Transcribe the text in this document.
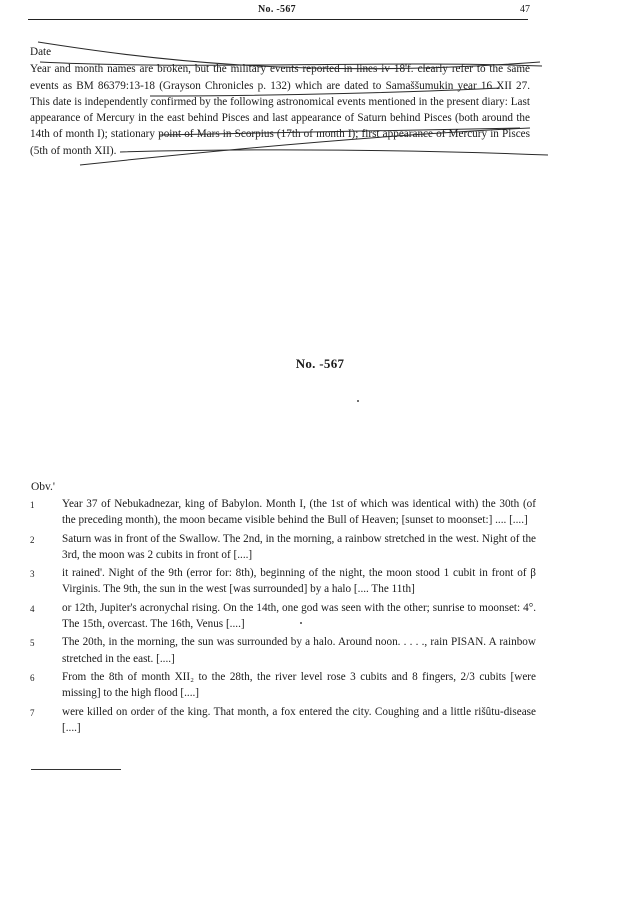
No. -567	47

Date

Year and month names are broken, but the military events reported in lines iv 18'f. clearly refer to the same events as BM 86379:13-18 (Grayson Chronicles p. 132) which are dated to Samaššumukin year 16 XII 27. This date is independently confirmed by the following astronomical events mentioned in the present diary: Last appearance of Mercury in the east behind Pisces and last appearance of Saturn behind Pisces (both around the 14th of month I); stationary point of Mars in Scorpius (17th of month I); first appearance of Mercury in Pisces (5th of month XII).

No. -567
Obv.'
1 Year 37 of Nebukadnezar, king of Babylon. Month I, (the 1st of which was identical with) the 30th (of the preceding month), the moon became visible behind the Bull of Heaven; [sunset to moonset:] .... [....]
2 Saturn was in front of the Swallow. The 2nd, in the morning, a rainbow stretched in the west. Night of the 3rd, the moon was 2 cubits in front of [....]
3 it rained'. Night of the 9th (error for: 8th), beginning of the night, the moon stood 1 cubit in front of β Virginis. The 9th, the sun in the west [was surrounded] by a halo [.... The 11th]
4 or 12th, Jupiter's acronychal rising. On the 14th, one god was seen with the other; sunrise to moonset: 4°. The 15th, overcast. The 16th, Venus [....]
5 The 20th, in the morning, the sun was surrounded by a halo. Around noon. . . . ., rain PISAN. A rainbow stretched in the east. [....]
6 From the 8th of month XII₂ to the 28th, the river level rose 3 cubits and 8 fingers, 2/3 cubits [were missing] to the high flood [....]
7 were killed on order of the king. That month, a fox entered the city. Coughing and a little rišûtu-disease [....]
